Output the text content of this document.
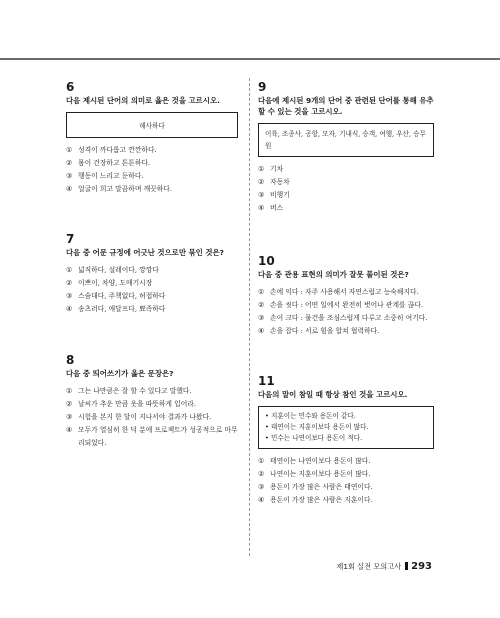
6
다음 제시된 단어의 의미로 옳은 것을 고르시오.
해사하다
① 성격이 까다롭고 깐깐하다.
② 몸이 건장하고 튼튼하다.
③ 행동이 느리고 둔하다.
④ 얼굴이 희고 말끔하며 깨끗하다.
7
다음 중 어문 규정에 어긋난 것으로만 묶인 것은?
① 넓직하다, 설레이다, 깡깡다
② 이쁘이, 차양, 도매기시장
③ 스숨대다, 주책없다, 허접하다
④ 송츠러다, 애달프다, 뾰족하다
8
다음 중 띄어쓰기가 옳은 문장은?
① 그는 나만큼은 잘 할 수 있다고 말했다.
② 날씨가 추운 만큼 옷을 따뜻하게 입어라.
③ 시험을 본지 한 달이 지나서야 결과가 나왔다.
④ 모두가 열심히 한 덕 분에 프로젝트가 성공적으로 마무리되었다.
9
다음에 제시된 9개의 단어 중 관련된 단어를 통해 유추할 수 있는 것을 고르시오.
이륙, 조종사, 공항, 모자, 기내식, 승객, 여행, 우산, 승무원
① 기차
② 자동차
③ 비행기
④ 버스
10
다음 중 관용 표현의 의미가 잘못 풀이된 것은?
① 손에 익다 : 자주 사용해서 자연스럽고 능숙해지다.
② 손을 씻다 : 어떤 일에서 완전히 벗어나 관계를 끊다.
③ 손이 크다 : 물건을 조심스럽게 다루고 소중히 여기다.
④ 손을 잡다 : 서로 힘을 합쳐 협력하다.
11
다음의 말이 참일 때 항상 참인 것을 고르시오.
• 지훈이는 민수와 용돈이 같다.
• 태연이는 지훈이보다 용돈이 많다.
• 민수는 나연이보다 용돈이 적다.
① 태연이는 나연이보다 용돈이 많다.
② 나연이는 지훈이보다 용돈이 많다.
③ 용돈이 가장 많은 사람은 태연이다.
④ 용돈이 가장 많은 사람은 지훈이다.
제1회 실전 모의고사 293
